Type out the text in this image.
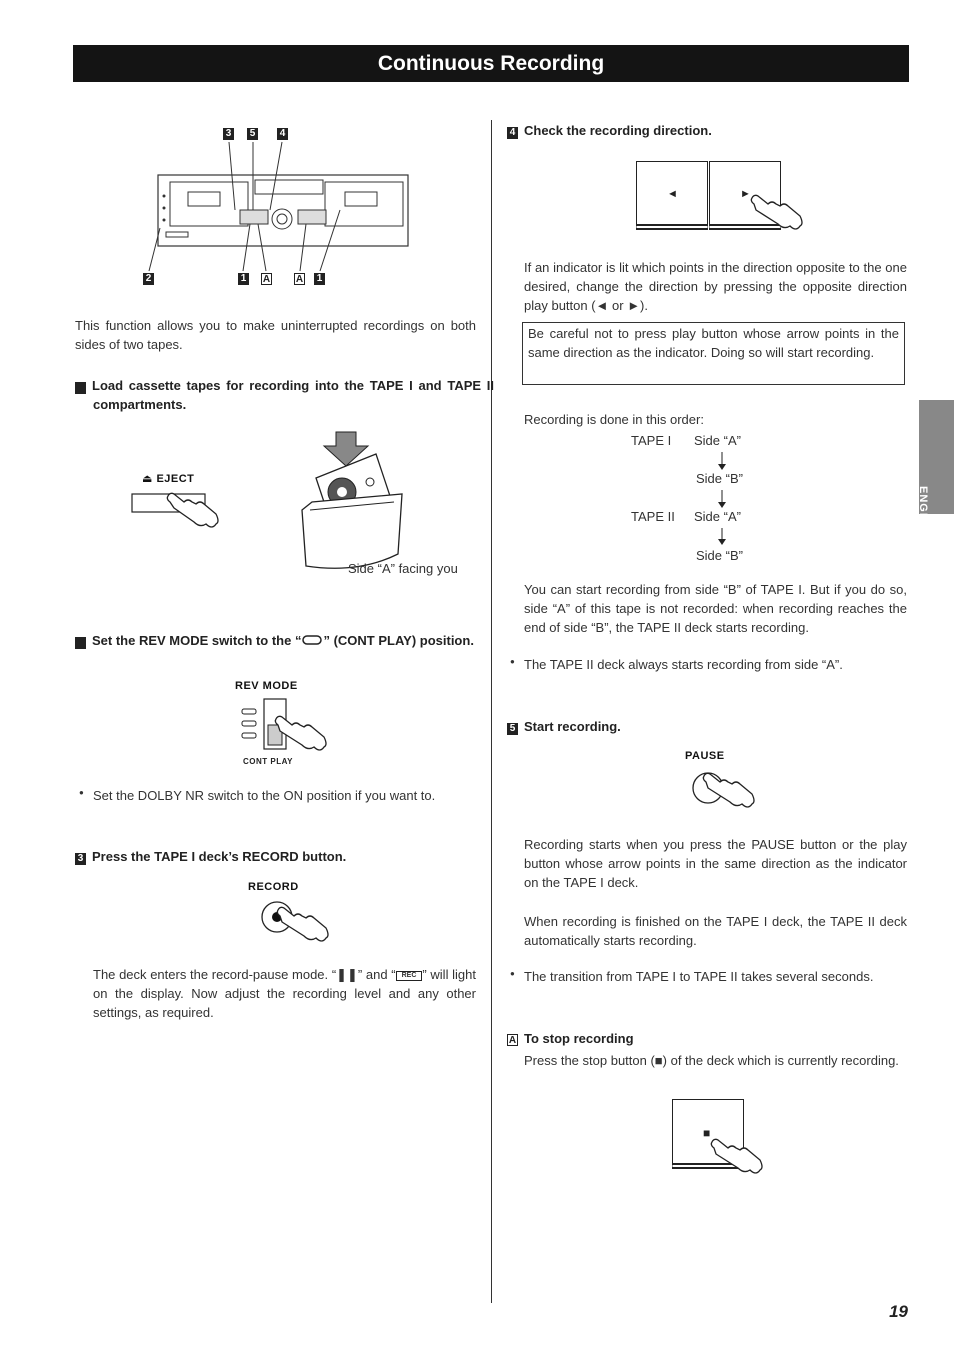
Continuous Recording
ENGLISH
3 5 4
2	1 A	A 1
This function allows you to make uninterrupted recordings on both sides of two tapes.
1 Load cassette tapes for recording into the TAPE I and TAPE II compartments.
⏏ EJECT
Side “A” facing you
2 Set the REV MODE switch to the “ ” (CONT PLAY) position.
REV MODE
CONT PLAY
● Set the DOLBY NR switch to the ON position if you want to.
3 Press the TAPE I deck’s RECORD button.
RECORD
The deck enters the record-pause mode. “❚❚” and “ REC ” will light on the display. Now adjust the recording level and any other settings, as required.
4 Check the recording direction.
◄	►
If an indicator is lit which points in the direction opposite to the one desired, change the direction by pressing the opposite direction play button (◄ or ►).
Be careful not to press play button whose arrow points in the same direction as the indicator. Doing so will start recording.
Recording is done in this order:
TAPE I Side “A”
Side “B”
TAPE II Side “A”
Side “B”
You can start recording from side “B” of TAPE I. But if you do so, side “A” of this tape is not recorded: when recording reaches the end of side “B”, the TAPE II deck starts recording.
● The TAPE II deck always starts recording from side “A”.
5 Start recording.
PAUSE
Recording starts when you press the PAUSE button or the play button whose arrow points in the same direction as the indicator on the TAPE I deck.
When recording is finished on the TAPE I deck, the TAPE II deck automatically starts recording.
● The transition from TAPE I to TAPE II takes several seconds.
A To stop recording
Press the stop button (■) of the deck which is currently recording.
■
19
